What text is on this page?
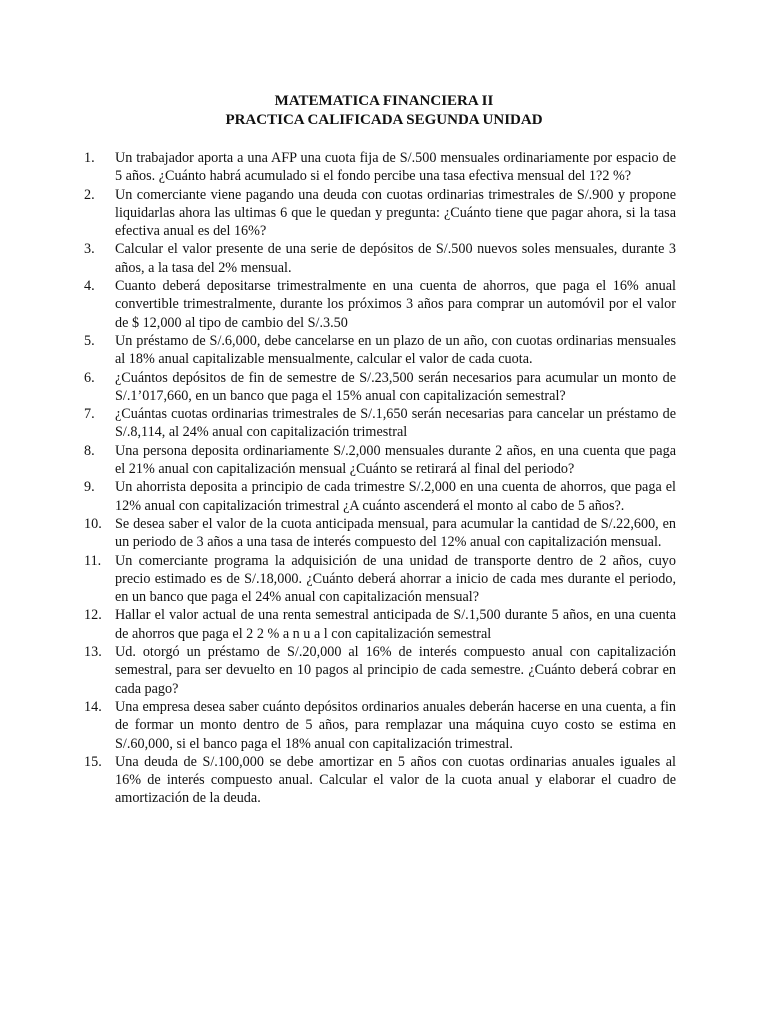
MATEMATICA FINANCIERA II
PRACTICA CALIFICADA SEGUNDA UNIDAD
1.	Un trabajador aporta a una AFP una cuota fija de S/.500 mensuales ordinariamente por espacio de 5 años. ¿Cuánto habrá acumulado si el fondo percibe una tasa efectiva mensual del 1?2 %?
2.	Un comerciante viene pagando una deuda con cuotas ordinarias trimestrales de S/.900 y propone liquidarlas ahora las ultimas 6 que le quedan y pregunta: ¿Cuánto tiene que pagar ahora, si la tasa efectiva anual es del 16%?
3.	Calcular el valor presente de una serie de depósitos de S/.500 nuevos soles mensuales, durante 3 años, a la tasa del 2% mensual.
4.	Cuanto deberá depositarse trimestralmente en una cuenta de ahorros, que paga el 16% anual convertible trimestralmente, durante los próximos 3 años para comprar un automóvil por el valor de $ 12,000 al tipo de cambio del S/.3.50
5.	Un préstamo de S/.6,000, debe cancelarse en un plazo de un año, con cuotas ordinarias mensuales al 18% anual capitalizable mensualmente, calcular el valor de cada cuota.
6.	¿Cuántos depósitos de fin de semestre de S/.23,500 serán necesarios para acumular un monto de S/.1’017,660, en un banco que paga el 15% anual con capitalización semestral?
7.	¿Cuántas cuotas ordinarias trimestrales de S/.1,650 serán necesarias para cancelar un préstamo de S/.8,114, al 24% anual con capitalización trimestral
8.	Una persona deposita ordinariamente S/.2,000 mensuales durante 2 años, en una cuenta que paga el 21% anual con capitalización mensual ¿Cuánto se retirará al final del periodo?
9.	Un ahorrista deposita a principio de cada trimestre S/.2,000 en una cuenta de ahorros, que paga el 12% anual con capitalización trimestral ¿A cuánto ascenderá el monto al cabo de 5 años?.
10. Se desea saber el valor de la cuota anticipada mensual, para acumular la cantidad de S/.22,600, en un periodo de 3 años a una tasa de interés compuesto del 12% anual con capitalización mensual.
11. Un comerciante programa la adquisición de una unidad de transporte dentro de 2 años, cuyo precio estimado es de S/.18,000. ¿Cuánto deberá ahorrar a inicio de cada mes durante el periodo, en un banco que paga el 24% anual con capitalización mensual?
12. Hallar el valor actual de una renta semestral anticipada de S/.1,500 durante 5 años, en una cuenta de ahorros que paga el 2 2 % a n u a l con capitalización semestral
13. Ud. otorgó un préstamo de S/.20,000 al 16% de interés compuesto anual con capitalización semestral, para ser devuelto en 10 pagos al principio de cada semestre. ¿Cuánto deberá cobrar en cada pago?
14. Una empresa desea saber cuánto depósitos ordinarios anuales deberán hacerse en una cuenta, a fin de formar un monto dentro de 5 años, para remplazar una máquina cuyo costo se estima en S/.60,000, si el banco paga el 18% anual con capitalización trimestral.
15. Una deuda de S/.100,000 se debe amortizar en 5 años con cuotas ordinarias anuales iguales al 16% de interés compuesto anual. Calcular el valor de la cuota anual y elaborar el cuadro de amortización de la deuda.
